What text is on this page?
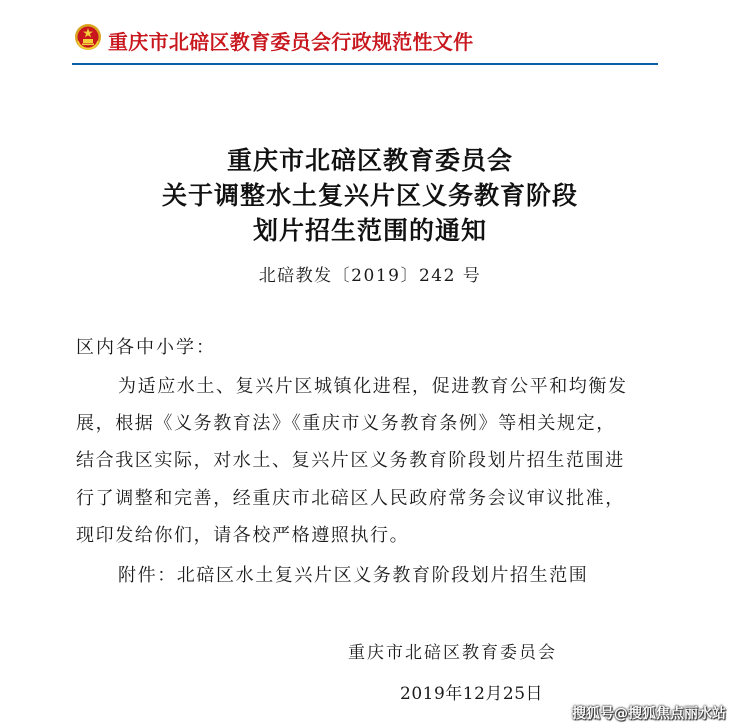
重庆市北碚区教育委员会行政规范性文件
重庆市北碚区教育委员会
关于调整水土复兴片区义务教育阶段
划片招生范围的通知
北碚教发〔2019〕242 号
区内各中小学：
为适应水土、复兴片区城镇化进程，促进教育公平和均衡发
展，根据《义务教育法》《重庆市义务教育条例》等相关规定，
结合我区实际，对水土、复兴片区义务教育阶段划片招生范围进
行了调整和完善，经重庆市北碚区人民政府常务会议审议批准，
现印发给你们，请各校严格遵照执行。
附件：北碚区水土复兴片区义务教育阶段划片招生范围
重庆市北碚区教育委员会
2019年12月25日
搜狐号@搜狐焦点丽水站
